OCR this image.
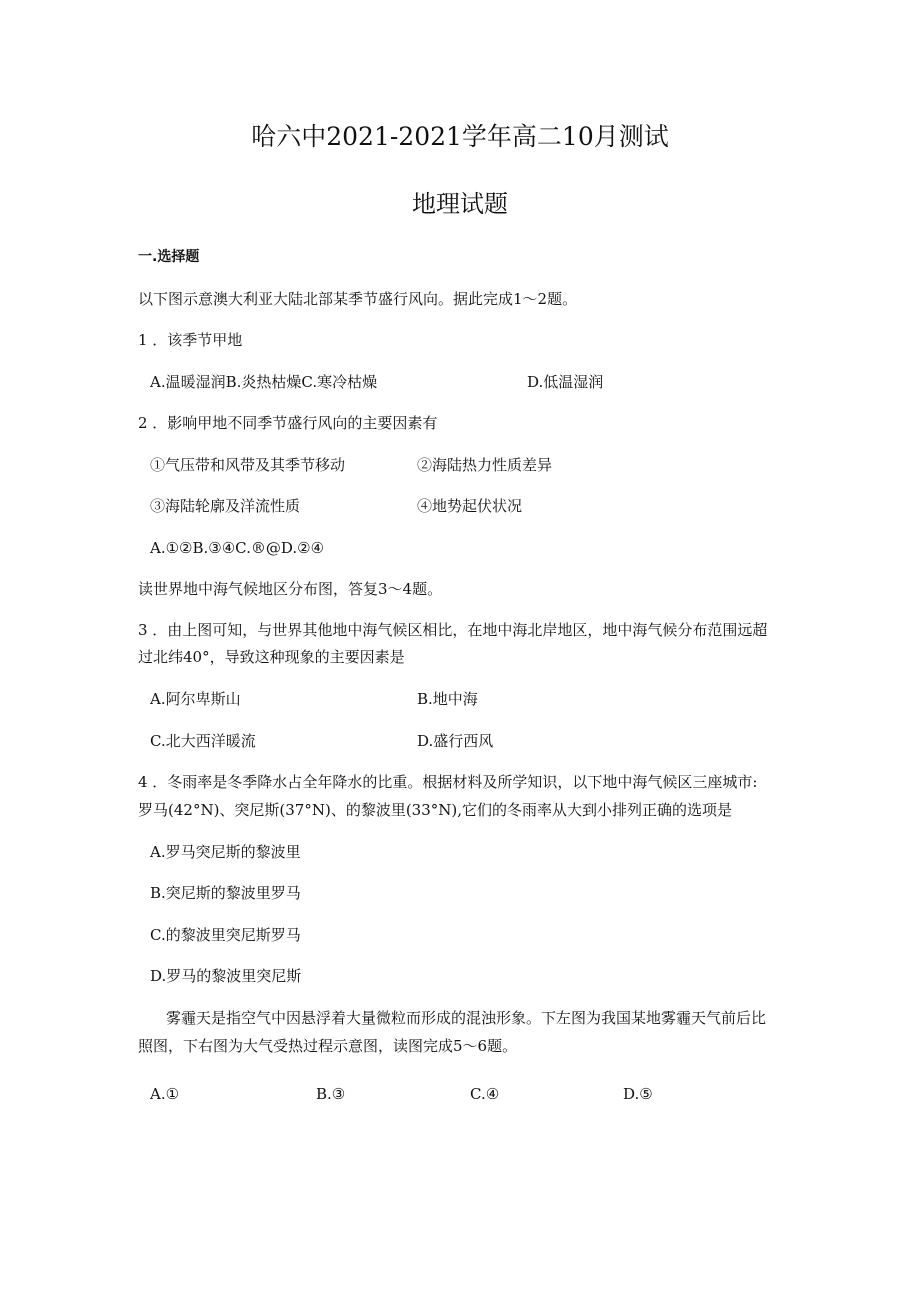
哈六中2021-2021学年高二10月测试
地理试题
一.选择题
以下图示意澳大利亚大陆北部某季节盛行风向。据此完成1～2题。
1 ．该季节甲地
A.温暖湿润B.炎热枯燥C.寒冷枯燥	D.低温湿润
2 ．影响甲地不同季节盛行风向的主要因素有
①气压带和风带及其季节移动	②海陆热力性质差异
③海陆轮廓及洋流性质	④地势起伏状况
A.①②B.③④C.®@D.②④
读世界地中海气候地区分布图，答复3～4题。
3 ．由上图可知，与世界其他地中海气候区相比，在地中海北岸地区，地中海气候分布范围远超
过北纬40°，导致这种现象的主要因素是
A.阿尔卑斯山	B.地中海
C.北大西洋暖流	D.盛行西风
4 ．冬雨率是冬季降水占全年降水的比重。根据材料及所学知识，以下地中海气候区三座城市:
罗马(42°N)、突尼斯(37°N)、的黎波里(33°N),它们的冬雨率从大到小排列正确的选项是
A.罗马突尼斯的黎波里
B.突尼斯的黎波里罗马
C.的黎波里突尼斯罗马
D.罗马的黎波里突尼斯
雾霾天是指空气中因悬浮着大量微粒而形成的混浊形象。下左图为我国某地雾霾天气前后比
照图，下右图为大气受热过程示意图，读图完成5～6题。
A.①	B.③	C.④	D.⑤
